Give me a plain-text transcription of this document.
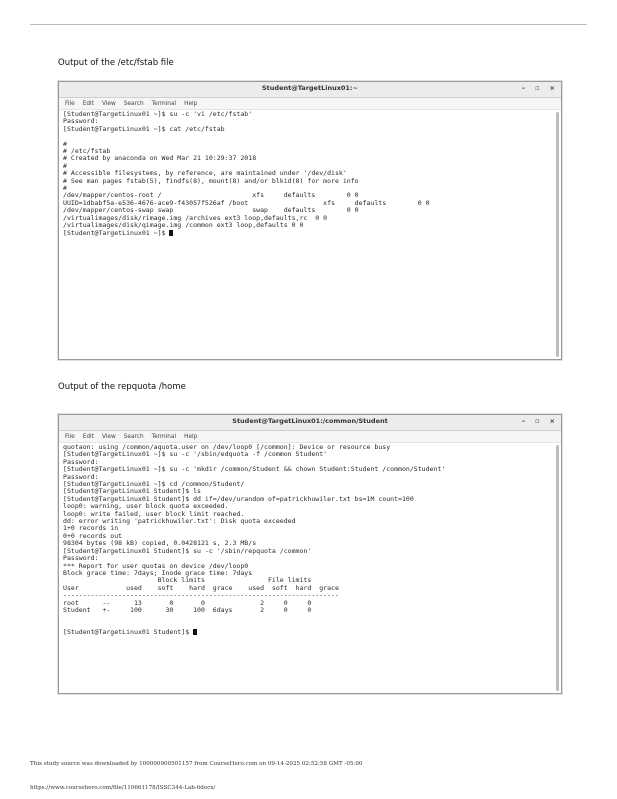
Output of the /etc/fstab file
Student@TargetLinux01:~	– ▫ ×
File Edit View Search Terminal Help
[Student@TargetLinux01 ~]$ su -c 'vi /etc/fstab'
Password:
[Student@TargetLinux01 ~]$ cat /etc/fstab

#
# /etc/fstab
# Created by anaconda on Wed Mar 21 10:29:37 2018
#
# Accessible filesystems, by reference, are maintained under '/dev/disk'
# See man pages fstab(5), findfs(8), mount(8) and/or blkid(8) for more info
#
/dev/mapper/centos-root /                       xfs     defaults        0 0
UUID=1dbabf5a-e536-4676-ace9-f43057f526af /boot                   xfs     defaults        0 0
/dev/mapper/centos-swap swap                    swap    defaults        0 0
/virtualimages/disk/rimage.img /archives ext3 loop,defaults,rc  0 0
/virtualimages/disk/qimage.img /common ext3 loop,defaults 0 0
[Student@TargetLinux01 ~]$
Output of the repquota /home
Student@TargetLinux01:/common/Student	– ▫ ×
File Edit View Search Terminal Help
quotaon: using /common/aquota.user on /dev/loop0 [/common]: Device or resource busy
[Student@TargetLinux01 ~]$ su -c '/sbin/edquota -f /common Student'
Password:
[Student@TargetLinux01 ~]$ su -c 'mkdir /common/Student && chown Student:Student /common/Student'
Password:
[Student@TargetLinux01 ~]$ cd /common/Student/
[Student@TargetLinux01 Student]$ ls
[Student@TargetLinux01 Student]$ dd if=/dev/urandom of=patrickhuwiler.txt bs=1M count=100
loop0: warning, user block quota exceeded.
loop0: write failed, user block limit reached.
dd: error writing 'patrickhuwiler.txt': Disk quota exceeded
1+0 records in
0+0 records out
98304 bytes (98 kB) copied, 0.0428121 s, 2.3 MB/s
[Student@TargetLinux01 Student]$ su -c '/sbin/repquota /common'
Password:
*** Report for user quotas on device /dev/loop0
Block grace time: 7days; Inode grace time: 7days
Block limits                File limits
User            used    soft    hard  grace    used  soft  hard  grace
----------------------------------------------------------------------
root      --      13       0       0              2     0     0
Student   +-     100      30     100  6days       2     0     0

[Student@TargetLinux01 Student]$
This study source was downloaded by 100000900501157 from CourseHero.com on 09-14-2025 02:52:58 GMT -05:00
https://www.coursehero.com/file/110661178/ISSC344-Lab-6docx/
